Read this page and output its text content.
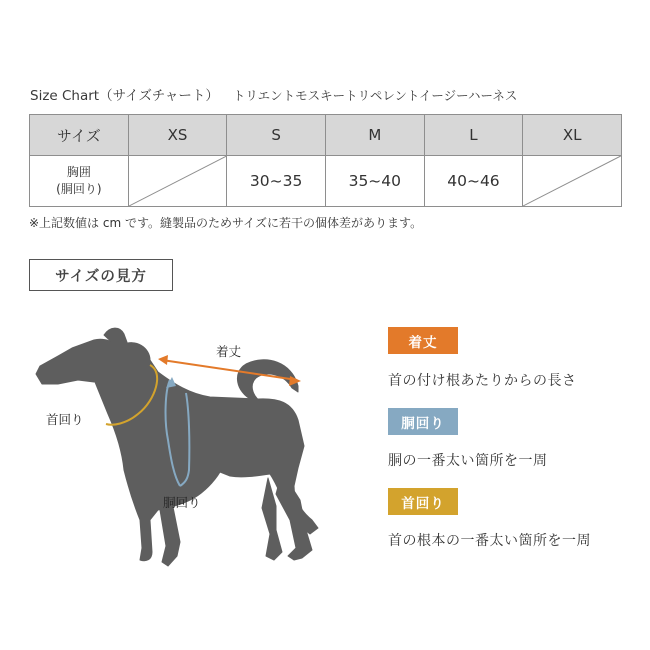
Size Chart（サイズチャート） トリエントモスキートリペレントイージーハーネス
サイズ	XS	S	M	L	XL
胸囲
(胴回り)		30~35	35~40	40~46	
※上記数値は cm です。縫製品のためサイズに若干の個体差があります。
サイズの見方
着丈
首回り
胴回り
着丈
首の付け根あたりからの長さ
胴回り
胴の一番太い箇所を一周
首回り
首の根本の一番太い箇所を一周
